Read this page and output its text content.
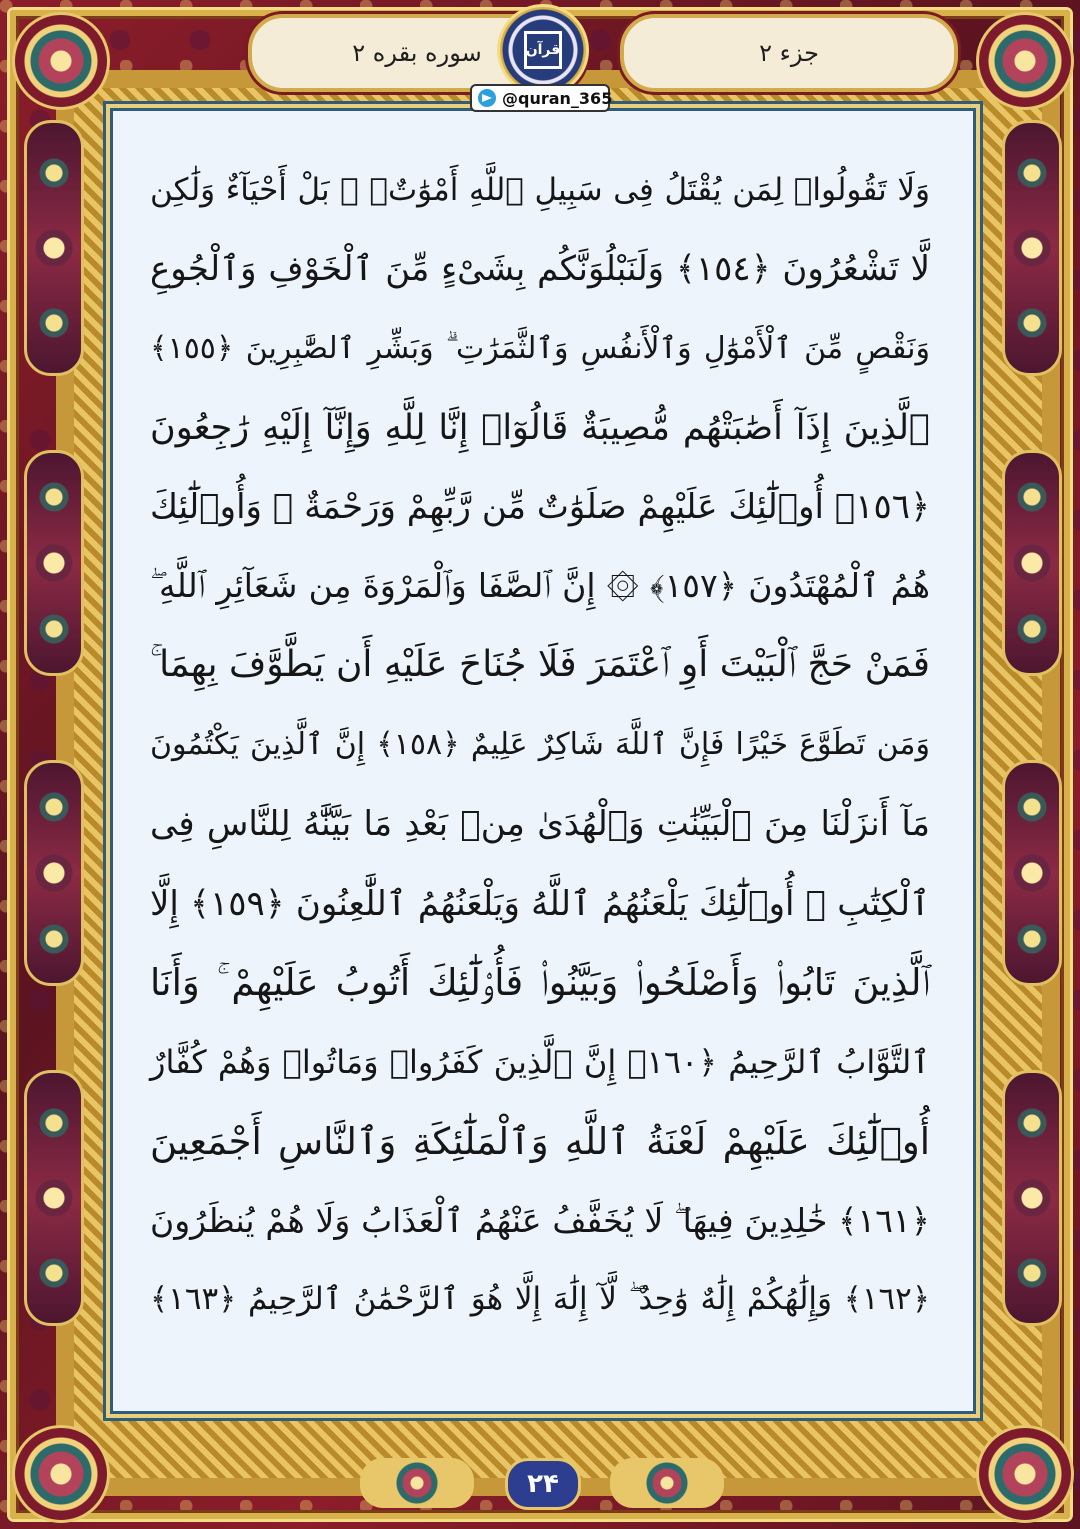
سوره بقره ۲	جزء ۲
قرآن
@quran_365
وَلَا تَقُولُوا۟ لِمَن يُقْتَلُ فِى سَبِيلِ ٱللَّهِ أَمْوَٰتٌۢ ۚ بَلْ أَحْيَآءٌ وَلَٰكِن
لَّا تَشْعُرُونَ ﴿١٥٤﴾ وَلَنَبْلُوَنَّكُم بِشَىْءٍ مِّنَ ٱلْخَوْفِ وَٱلْجُوعِ
وَنَقْصٍ مِّنَ ٱلْأَمْوَٰلِ وَٱلْأَنفُسِ وَٱلثَّمَرَٰتِ ۗ وَبَشِّرِ ٱلصَّٰبِرِينَ ﴿١٥٥﴾
ٱلَّذِينَ إِذَآ أَصَٰبَتْهُم مُّصِيبَةٌ قَالُوٓا۟ إِنَّا لِلَّهِ وَإِنَّآ إِلَيْهِ رَٰجِعُونَ
﴿١٥٦﴾ أُو۟لَٰٓئِكَ عَلَيْهِمْ صَلَوَٰتٌ مِّن رَّبِّهِمْ وَرَحْمَةٌ ۖ وَأُو۟لَٰٓئِكَ
هُمُ ٱلْمُهْتَدُونَ ﴿١٥٧﴾ ۞ إِنَّ ٱلصَّفَا وَٱلْمَرْوَةَ مِن شَعَآئِرِ ٱللَّهِ ۖ
فَمَنْ حَجَّ ٱلْبَيْتَ أَوِ ٱعْتَمَرَ فَلَا جُنَاحَ عَلَيْهِ أَن يَطَّوَّفَ بِهِمَا ۚ
وَمَن تَطَوَّعَ خَيْرًا فَإِنَّ ٱللَّهَ شَاكِرٌ عَلِيمٌ ﴿١٥٨﴾ إِنَّ ٱلَّذِينَ يَكْتُمُونَ
مَآ أَنزَلْنَا مِنَ ٱلْبَيِّنَٰتِ وَٱلْهُدَىٰ مِنۢ بَعْدِ مَا بَيَّنَّٰهُ لِلنَّاسِ فِى
ٱلْكِتَٰبِ ۙ أُو۟لَٰٓئِكَ يَلْعَنُهُمُ ٱللَّهُ وَيَلْعَنُهُمُ ٱللَّٰعِنُونَ ﴿١٥٩﴾ إِلَّا
ٱلَّذِينَ تَابُوا۟ وَأَصْلَحُوا۟ وَبَيَّنُوا۟ فَأُو۟لَٰٓئِكَ أَتُوبُ عَلَيْهِمْ ۚ وَأَنَا
ٱلتَّوَّابُ ٱلرَّحِيمُ ﴿١٦٠﴾ إِنَّ ٱلَّذِينَ كَفَرُوا۟ وَمَاتُوا۟ وَهُمْ كُفَّارٌ
أُو۟لَٰٓئِكَ عَلَيْهِمْ لَعْنَةُ ٱللَّهِ وَٱلْمَلَٰٓئِكَةِ وَٱلنَّاسِ أَجْمَعِينَ
﴿١٦١﴾ خَٰلِدِينَ فِيهَا ۖ لَا يُخَفَّفُ عَنْهُمُ ٱلْعَذَابُ وَلَا هُمْ يُنظَرُونَ
﴿١٦٢﴾ وَإِلَٰهُكُمْ إِلَٰهٌ وَٰحِدٌ ۖ لَّآ إِلَٰهَ إِلَّا هُوَ ٱلرَّحْمَٰنُ ٱلرَّحِيمُ ﴿١٦٣﴾
۲۴
